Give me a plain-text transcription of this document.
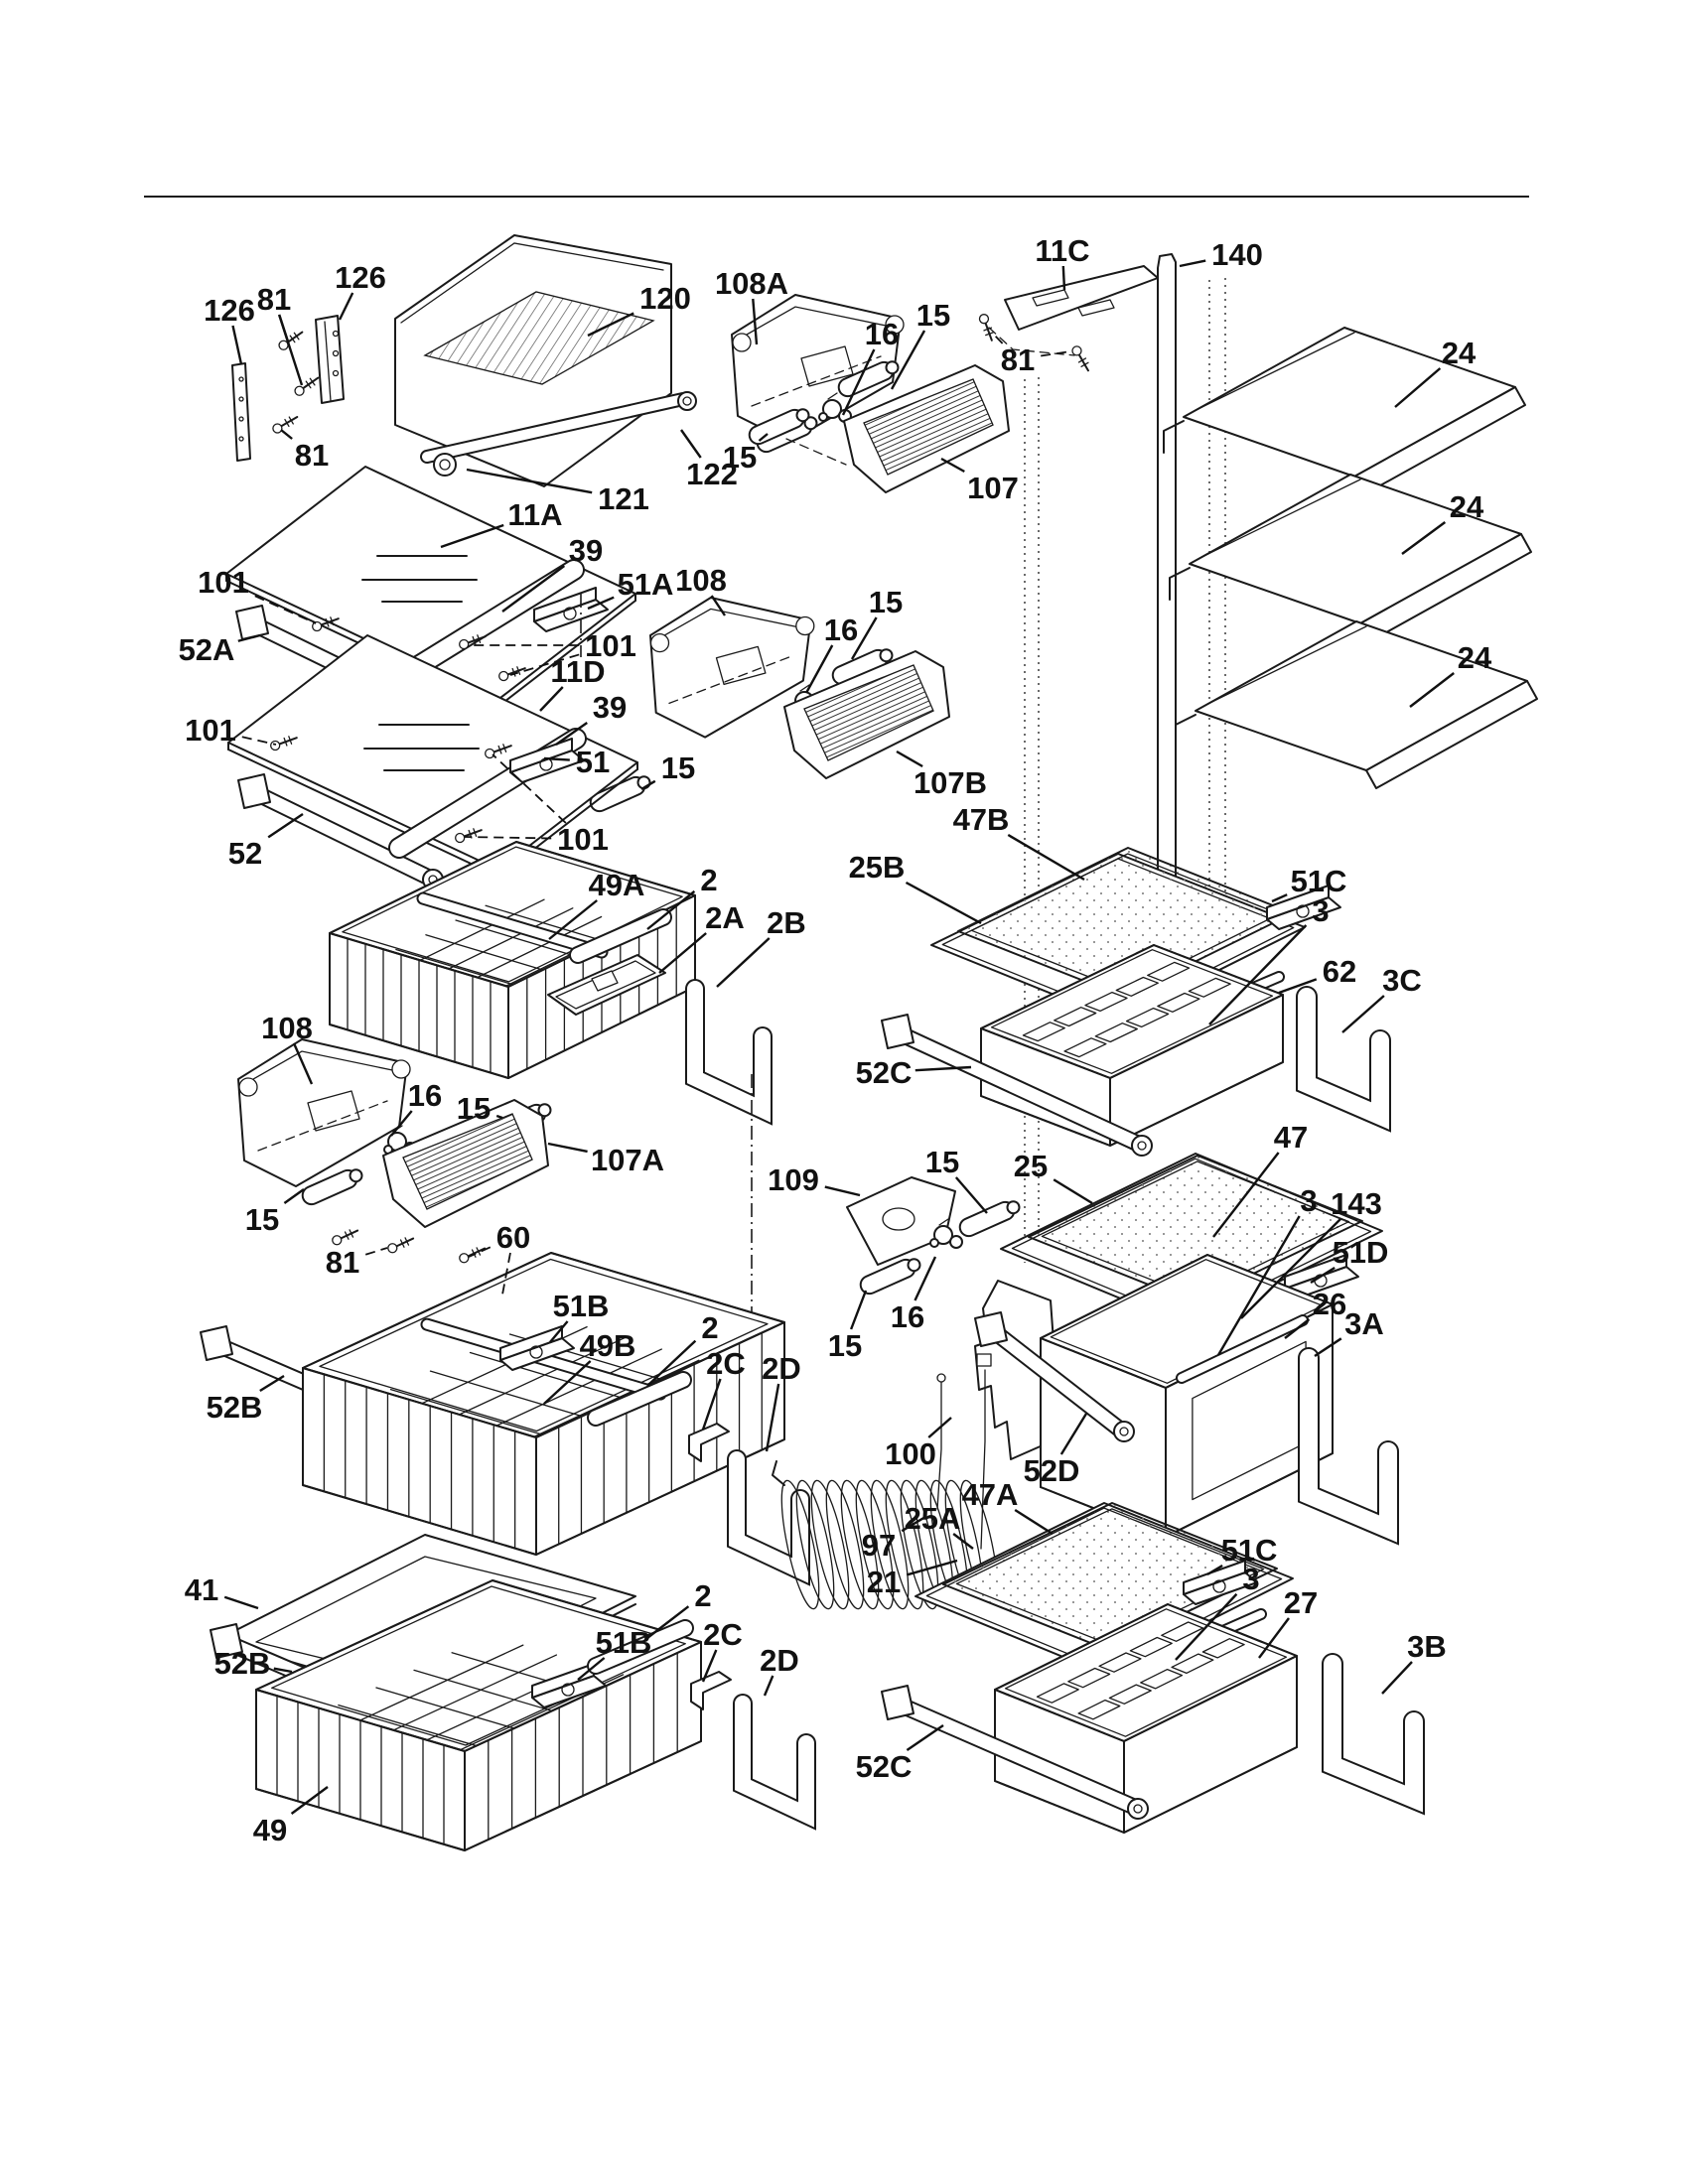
126 81
126
81
120 108A
16
15
11C	140
81	24
24
24
122
15
121	107
11A
39
51A 108
101
101
11D
39
51 15
16
15
107B
101
52A
52	101
49A 2
2A 2B
47B
25B	51C
3
62 3C
52C
108
16 15
107A
15
60
81
109
15 25
47
3 143
51D
26
3A
52B
51B
49B
2
2C 2D
16
15
100	52D
97
21
25A
47A
41
52B
51B
2
2C
2D
51C
3
27
3B
52C
49
